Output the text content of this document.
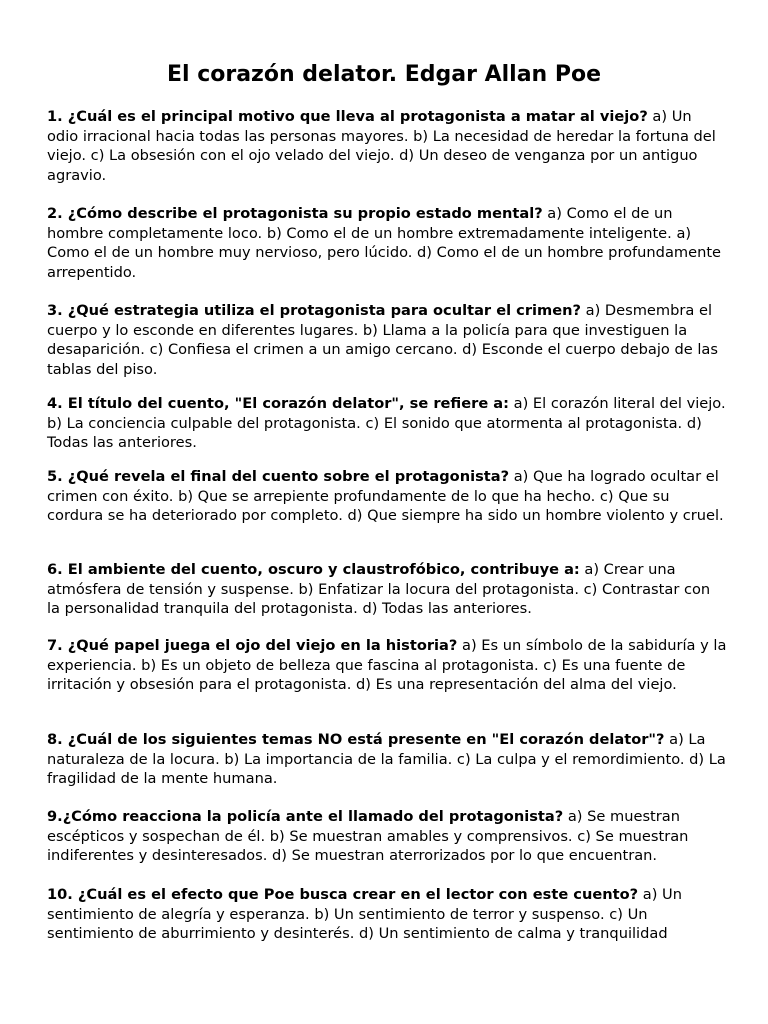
El corazón delator. Edgar Allan Poe

1. ¿Cuál es el principal motivo que lleva al protagonista a matar al viejo? a) Un odio irracional hacia todas las personas mayores. b) La necesidad de heredar la fortuna del viejo. c) La obsesión con el ojo velado del viejo. d) Un deseo de venganza por un antiguo agravio.

2. ¿Cómo describe el protagonista su propio estado mental? a) Como el de un hombre completamente loco. b) Como el de un hombre extremadamente inteligente. a) Como el de un hombre muy nervioso, pero lúcido. d) Como el de un hombre profundamente arrepentido.

3. ¿Qué estrategia utiliza el protagonista para ocultar el crimen? a) Desmembra el cuerpo y lo esconde en diferentes lugares. b) Llama a la policía para que investiguen la desaparición. c) Confiesa el crimen a un amigo cercano. d) Esconde el cuerpo debajo de las tablas del piso.

4. El título del cuento, "El corazón delator", se refiere a: a) El corazón literal del viejo. b) La conciencia culpable del protagonista. c) El sonido que atormenta al protagonista. d) Todas las anteriores.

5. ¿Qué revela el final del cuento sobre el protagonista? a) Que ha logrado ocultar el crimen con éxito. b) Que se arrepiente profundamente de lo que ha hecho. c) Que su cordura se ha deteriorado por completo. d) Que siempre ha sido un hombre violento y cruel.

6. El ambiente del cuento, oscuro y claustrofóbico, contribuye a: a) Crear una atmósfera de tensión y suspense. b) Enfatizar la locura del protagonista. c) Contrastar con la personalidad tranquila del protagonista. d) Todas las anteriores.

7. ¿Qué papel juega el ojo del viejo en la historia? a) Es un símbolo de la sabiduría y la experiencia. b) Es un objeto de belleza que fascina al protagonista. c) Es una fuente de irritación y obsesión para el protagonista. d) Es una representación del alma del viejo.

8. ¿Cuál de los siguientes temas NO está presente en "El corazón delator"? a) La naturaleza de la locura. b) La importancia de la familia. c) La culpa y el remordimiento. d) La fragilidad de la mente humana.

9.¿Cómo reacciona la policía ante el llamado del protagonista? a) Se muestran escépticos y sospechan de él. b) Se muestran amables y comprensivos. c) Se muestran indiferentes y desinteresados. d) Se muestran aterrorizados por lo que encuentran.

10. ¿Cuál es el efecto que Poe busca crear en el lector con este cuento? a) Un sentimiento de alegría y esperanza. b) Un sentimiento de terror y suspenso. c) Un sentimiento de aburrimiento y desinterés. d) Un sentimiento de calma y tranquilidad
